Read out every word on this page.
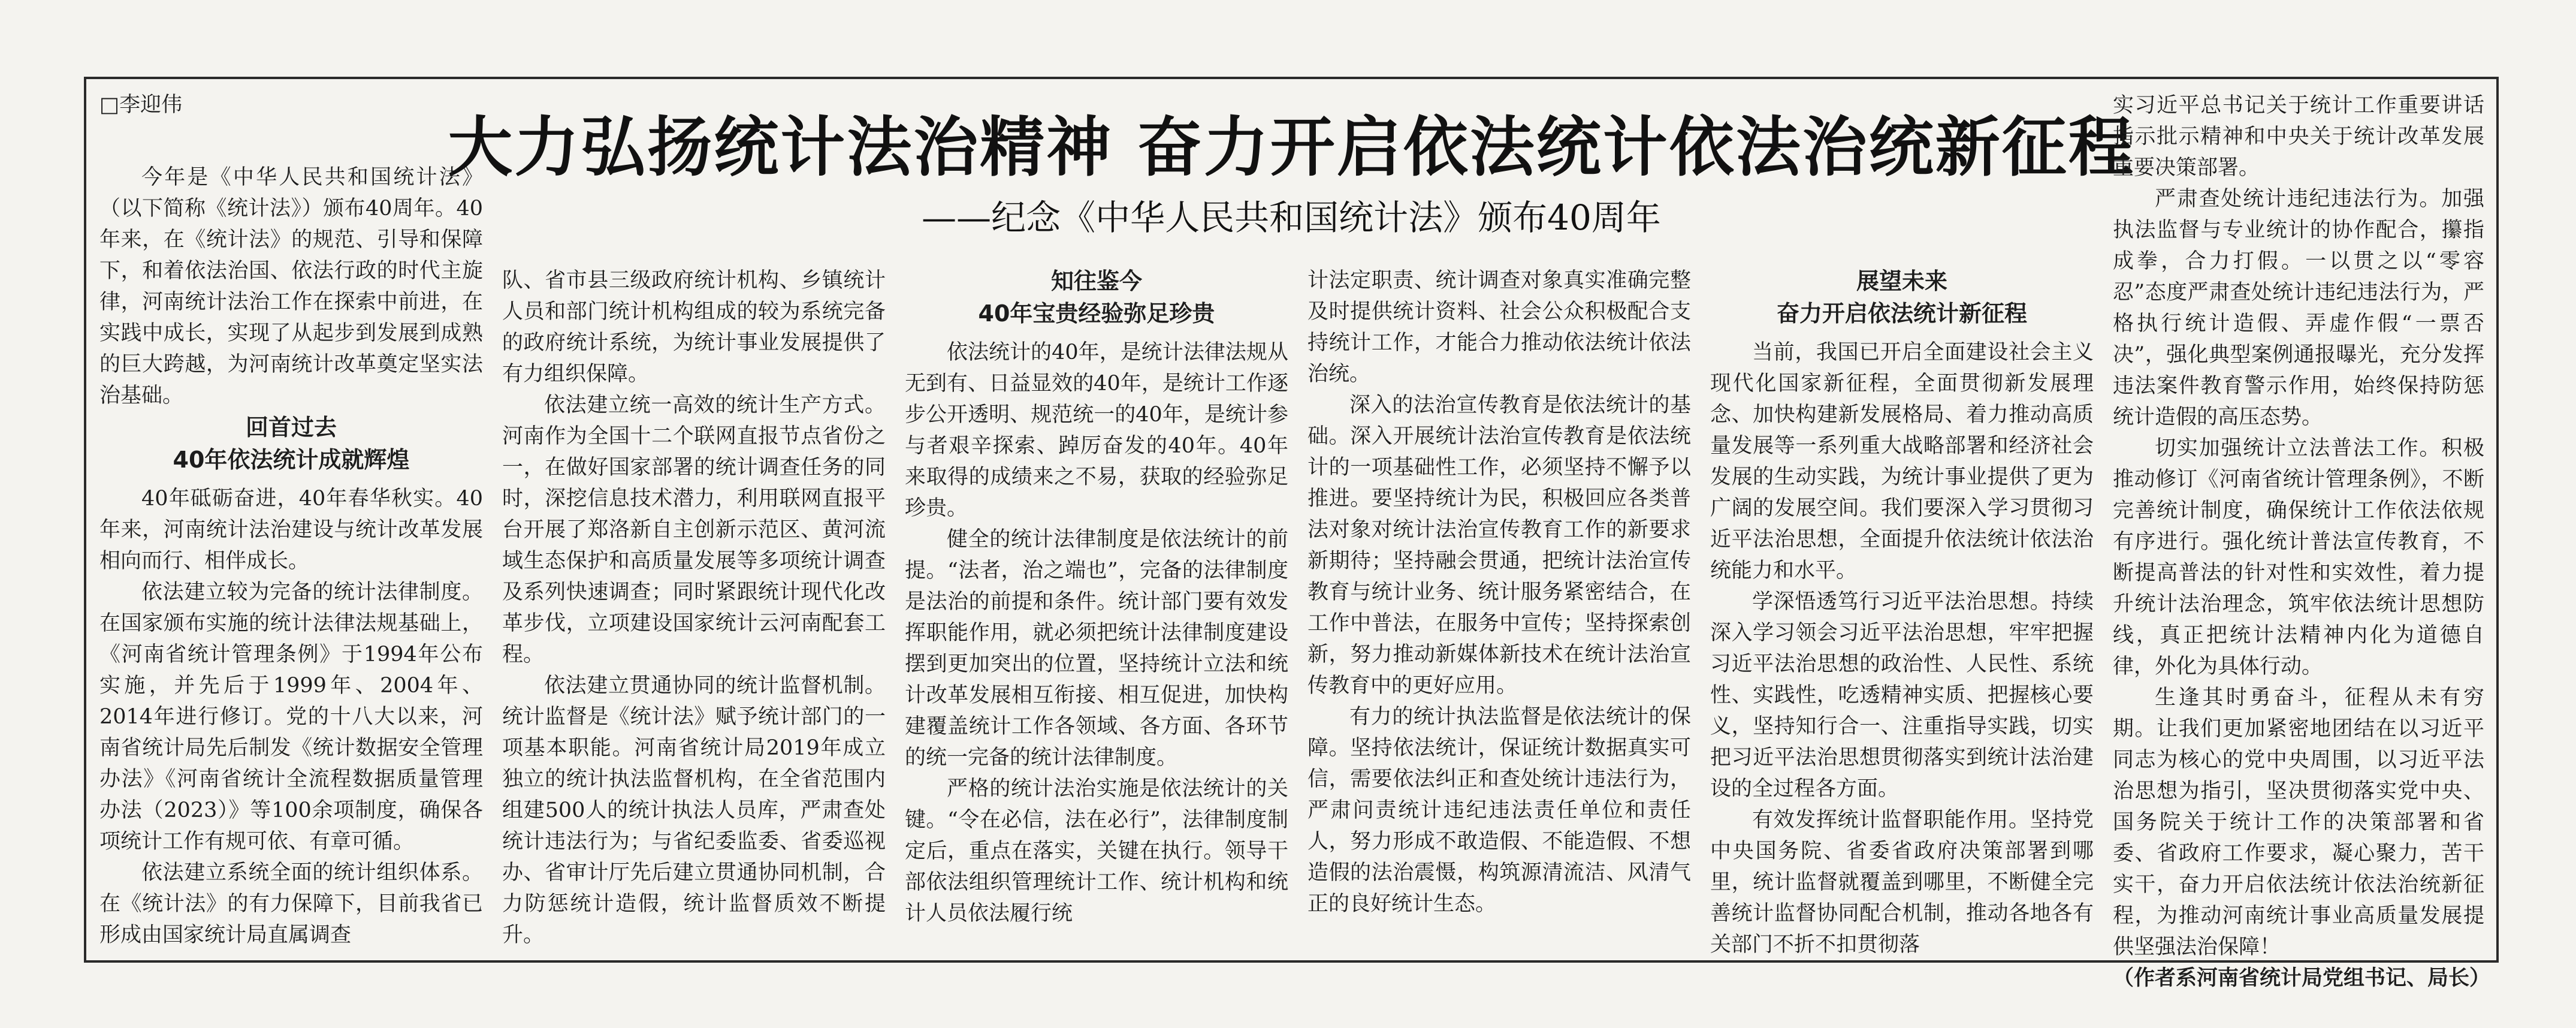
大力弘扬统计法治精神 奋力开启依法统计依法治统新征程
——纪念《中华人民共和国统计法》颁布40周年
□李迎伟

今年是《中华人民共和国统计法》（以下简称《统计法》）颁布40周年。40年来，在《统计法》的规范、引导和保障下，和着依法治国、依法行政的时代主旋律，河南统计法治工作在探索中前进，在实践中成长，实现了从起步到发展到成熟的巨大跨越，为河南统计改革奠定坚实法治基础。

回首过去
40年依法统计成就辉煌

40年砥砺奋进，40年春华秋实。40年来，河南统计法治建设与统计改革发展相向而行、相伴成长。

依法建立较为完备的统计法律制度。在国家颁布实施的统计法律法规基础上，《河南省统计管理条例》于1994年公布实施，并先后于1999年、2004年、2014年进行修订。党的十八大以来，河南省统计局先后制发《统计数据安全管理办法》《河南省统计全流程数据质量管理办法（2023）》等100余项制度，确保各项统计工作有规可依、有章可循。

依法建立系统全面的统计组织体系。在《统计法》的有力保障下，目前我省已形成由国家统计局直属调查

队、省市县三级政府统计机构、乡镇统计人员和部门统计机构组成的较为系统完备的政府统计系统，为统计事业发展提供了有力组织保障。

依法建立统一高效的统计生产方式。河南作为全国十二个联网直报节点省份之一，在做好国家部署的统计调查任务的同时，深挖信息技术潜力，利用联网直报平台开展了郑洛新自主创新示范区、黄河流域生态保护和高质量发展等多项统计调查及系列快速调查；同时紧跟统计现代化改革步伐，立项建设国家统计云河南配套工程。

依法建立贯通协同的统计监督机制。统计监督是《统计法》赋予统计部门的一项基本职能。河南省统计局2019年成立独立的统计执法监督机构，在全省范围内组建500人的统计执法人员库，严肃查处统计违法行为；与省纪委监委、省委巡视办、省审计厅先后建立贯通协同机制，合力防惩统计造假，统计监督质效不断提升。

知往鉴今
40年宝贵经验弥足珍贵

依法统计的40年，是统计法律法规从无到有、日益显效的40年，是统计工作逐步公开透明、规范统一的40年，是统计参与者艰辛探索、踔厉奋发的40年。40年来取得的成绩来之不易，获取的经验弥足珍贵。

健全的统计法律制度是依法统计的前提。“法者，治之端也”，完备的法律制度是法治的前提和条件。统计部门要有效发挥职能作用，就必须把统计法律制度建设摆到更加突出的位置，坚持统计立法和统计改革发展相互衔接、相互促进，加快构建覆盖统计工作各领域、各方面、各环节的统一完备的统计法律制度。

严格的统计法治实施是依法统计的关键。“令在必信，法在必行”，法律制度制定后，重点在落实，关键在执行。领导干部依法组织管理统计工作、统计机构和统计人员依法履行统

计法定职责、统计调查对象真实准确完整及时提供统计资料、社会公众积极配合支持统计工作，才能合力推动依法统计依法治统。

深入的法治宣传教育是依法统计的基础。深入开展统计法治宣传教育是依法统计的一项基础性工作，必须坚持不懈予以推进。要坚持统计为民，积极回应各类普法对象对统计法治宣传教育工作的新要求新期待；坚持融会贯通，把统计法治宣传教育与统计业务、统计服务紧密结合，在工作中普法，在服务中宣传；坚持探索创新，努力推动新媒体新技术在统计法治宣传教育中的更好应用。

有力的统计执法监督是依法统计的保障。坚持依法统计，保证统计数据真实可信，需要依法纠正和查处统计违法行为，严肃问责统计违纪违法责任单位和责任人，努力形成不敢造假、不能造假、不想造假的法治震慑，构筑源清流洁、风清气正的良好统计生态。

展望未来
奋力开启依法统计新征程

当前，我国已开启全面建设社会主义现代化国家新征程，全面贯彻新发展理念、加快构建新发展格局、着力推动高质量发展等一系列重大战略部署和经济社会发展的生动实践，为统计事业提供了更为广阔的发展空间。我们要深入学习贯彻习近平法治思想，全面提升依法统计依法治统能力和水平。

学深悟透笃行习近平法治思想。持续深入学习领会习近平法治思想，牢牢把握习近平法治思想的政治性、人民性、系统性、实践性，吃透精神实质、把握核心要义，坚持知行合一、注重指导实践，切实把习近平法治思想贯彻落实到统计法治建设的全过程各方面。

有效发挥统计监督职能作用。坚持党中央国务院、省委省政府决策部署到哪里，统计监督就覆盖到哪里，不断健全完善统计监督协同配合机制，推动各地各有关部门不折不扣贯彻落

实习近平总书记关于统计工作重要讲话指示批示精神和中央关于统计改革发展重要决策部署。

严肃查处统计违纪违法行为。加强执法监督与专业统计的协作配合，攥指成拳，合力打假。一以贯之以“零容忍”态度严肃查处统计违纪违法行为，严格执行统计造假、弄虚作假“一票否决”，强化典型案例通报曝光，充分发挥违法案件教育警示作用，始终保持防惩统计造假的高压态势。

切实加强统计立法普法工作。积极推动修订《河南省统计管理条例》，不断完善统计制度，确保统计工作依法依规有序进行。强化统计普法宣传教育，不断提高普法的针对性和实效性，着力提升统计法治理念，筑牢依法统计思想防线，真正把统计法精神内化为道德自律，外化为具体行动。

生逢其时勇奋斗，征程从未有穷期。让我们更加紧密地团结在以习近平同志为核心的党中央周围，以习近平法治思想为指引，坚决贯彻落实党中央、国务院关于统计工作的决策部署和省委、省政府工作要求，凝心聚力，苦干实干，奋力开启依法统计依法治统新征程，为推动河南统计事业高质量发展提供坚强法治保障！

（作者系河南省统计局党组书记、局长）
